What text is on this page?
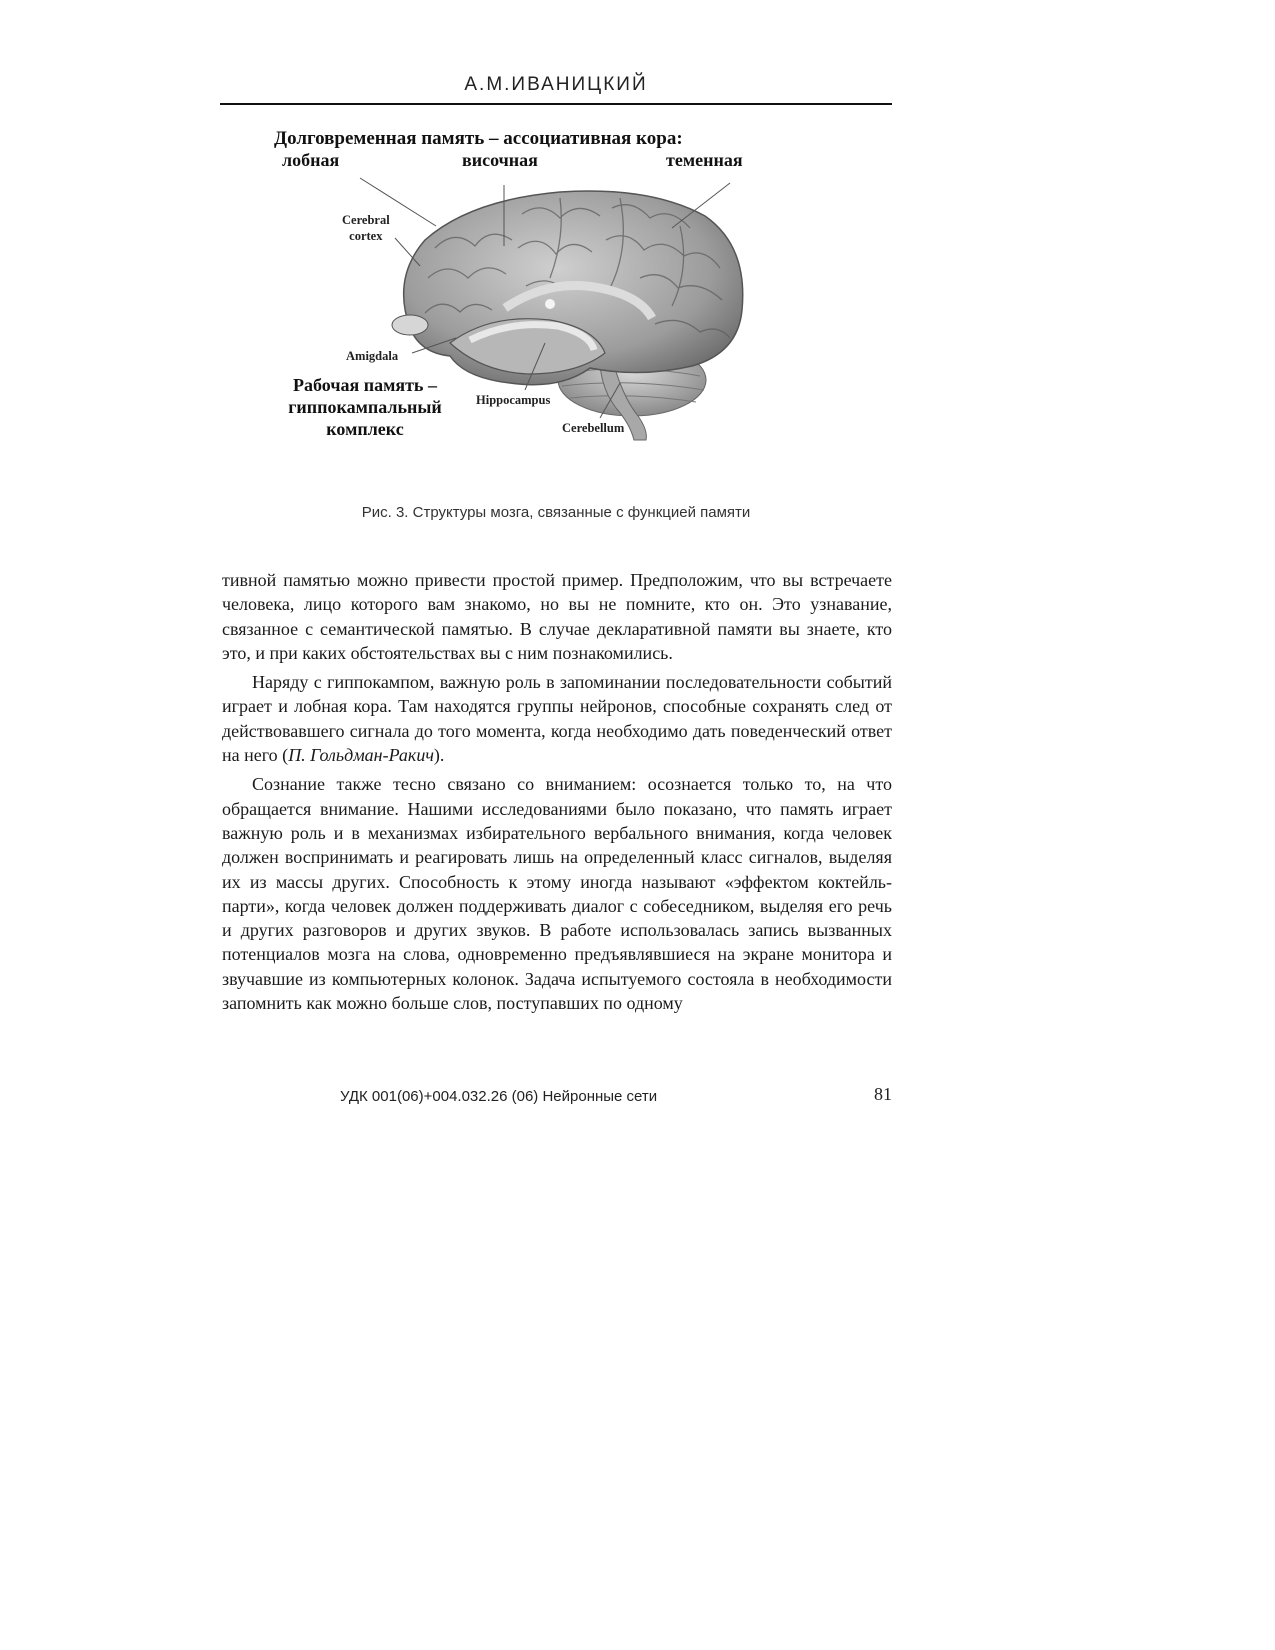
А.М.ИВАНИЦКИЙ
Долговременная память – ассоциативная кора:
лобная	височная	теменная
Cerebral
cortex
Amigdala
Рабочая память –
гиппокампальный
комплекс
Hippocampus
Cerebellum
Рис. 3. Структуры мозга, связанные с функцией памяти

тивной памятью можно привести простой пример. Предположим, что вы встречаете человека, лицо которого вам знакомо, но вы не помните, кто он. Это узнавание, связанное с семантической памятью. В случае декларативной памяти вы знаете, кто это, и при каких обстоятельствах вы с ним познакомились.

Наряду с гиппокампом, важную роль в запоминании последовательности событий играет и лобная кора. Там находятся группы нейронов, способные сохранять след от действовавшего сигнала до того момента, когда необходимо дать поведенческий ответ на него (П. Гольдман-Ракич).

Сознание также тесно связано со вниманием: осознается только то, на что обращается внимание. Нашими исследованиями было показано, что память играет важную роль и в механизмах избирательного вербального внимания, когда человек должен воспринимать и реагировать лишь на определенный класс сигналов, выделяя их из массы других. Способность к этому иногда называют «эффектом коктейль-парти», когда человек должен поддерживать диалог с собеседником, выделяя его речь и других разговоров и других звуков. В работе использовалась запись вызванных потенциалов мозга на слова, одновременно предъявлявшиеся на экране монитора и звучавшие из компьютерных колонок. Задача испытуемого состояла в необходимости запомнить как можно больше слов, поступавших по одному

УДК 001(06)+004.032.26 (06) Нейронные сети	81
